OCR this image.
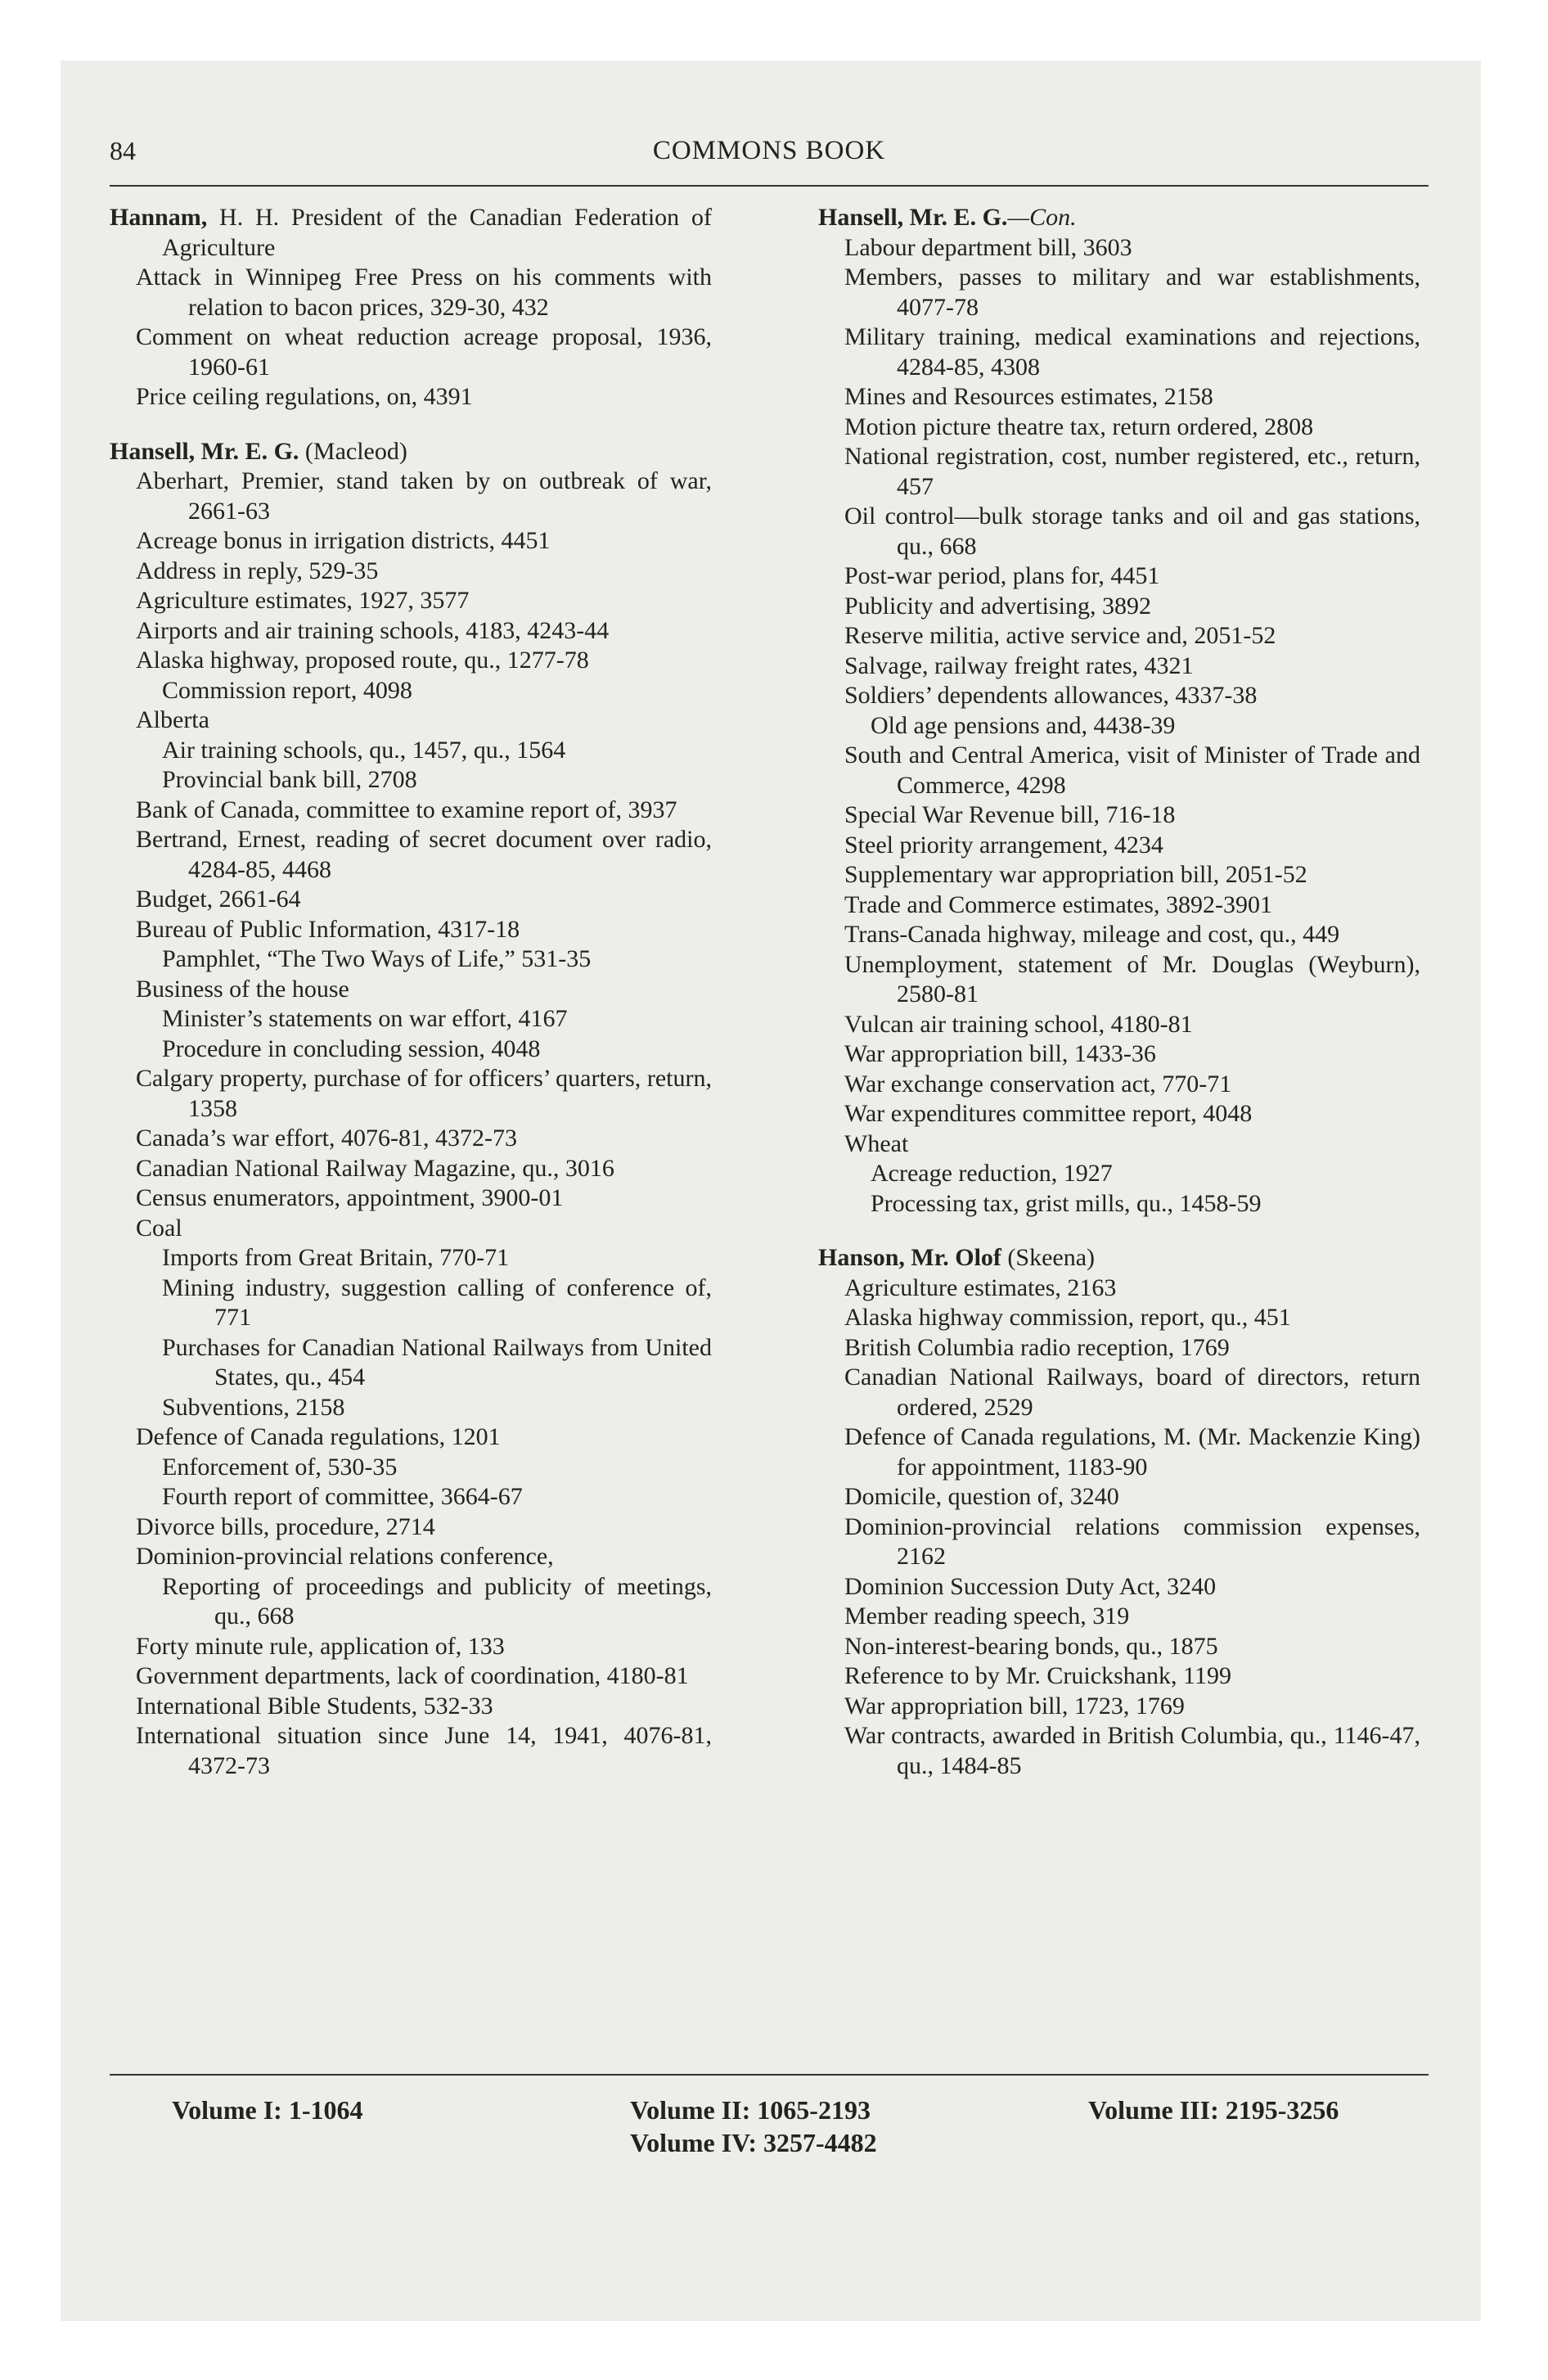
84	COMMONS BOOK
Hannam, H. H. President of the Canadian Federation of Agriculture
Attack in Winnipeg Free Press on his comments with relation to bacon prices, 329-30, 432
Comment on wheat reduction acreage proposal, 1936, 1960-61
Price ceiling regulations, on, 4391
Hansell, Mr. E. G. (Macleod)
Aberhart, Premier, stand taken by on outbreak of war, 2661-63
Acreage bonus in irrigation districts, 4451
Address in reply, 529-35
Agriculture estimates, 1927, 3577
Airports and air training schools, 4183, 4243-44
Alaska highway, proposed route, qu., 1277-78
Commission report, 4098
Alberta
Air training schools, qu., 1457, qu., 1564
Provincial bank bill, 2708
Bank of Canada, committee to examine report of, 3937
Bertrand, Ernest, reading of secret document over radio, 4284-85, 4468
Budget, 2661-64
Bureau of Public Information, 4317-18
Pamphlet, “The Two Ways of Life,” 531-35
Business of the house
Minister’s statements on war effort, 4167
Procedure in concluding session, 4048
Calgary property, purchase of for officers’ quarters, return, 1358
Canada’s war effort, 4076-81, 4372-73
Canadian National Railway Magazine, qu., 3016
Census enumerators, appointment, 3900-01
Coal
Imports from Great Britain, 770-71
Mining industry, suggestion calling of conference of, 771
Purchases for Canadian National Railways from United States, qu., 454
Subventions, 2158
Defence of Canada regulations, 1201
Enforcement of, 530-35
Fourth report of committee, 3664-67
Divorce bills, procedure, 2714
Dominion-provincial relations conference,
Reporting of proceedings and publicity of meetings, qu., 668
Forty minute rule, application of, 133
Government departments, lack of coordination, 4180-81
International Bible Students, 532-33
International situation since June 14, 1941, 4076-81, 4372-73
Hansell, Mr. E. G.—Con.
Labour department bill, 3603
Members, passes to military and war establishments, 4077-78
Military training, medical examinations and rejections, 4284-85, 4308
Mines and Resources estimates, 2158
Motion picture theatre tax, return ordered, 2808
National registration, cost, number registered, etc., return, 457
Oil control—bulk storage tanks and oil and gas stations, qu., 668
Post-war period, plans for, 4451
Publicity and advertising, 3892
Reserve militia, active service and, 2051-52
Salvage, railway freight rates, 4321
Soldiers’ dependents allowances, 4337-38
Old age pensions and, 4438-39
South and Central America, visit of Minister of Trade and Commerce, 4298
Special War Revenue bill, 716-18
Steel priority arrangement, 4234
Supplementary war appropriation bill, 2051-52
Trade and Commerce estimates, 3892-3901
Trans-Canada highway, mileage and cost, qu., 449
Unemployment, statement of Mr. Douglas (Weyburn), 2580-81
Vulcan air training school, 4180-81
War appropriation bill, 1433-36
War exchange conservation act, 770-71
War expenditures committee report, 4048
Wheat
Acreage reduction, 1927
Processing tax, grist mills, qu., 1458-59
Hanson, Mr. Olof (Skeena)
Agriculture estimates, 2163
Alaska highway commission, report, qu., 451
British Columbia radio reception, 1769
Canadian National Railways, board of directors, return ordered, 2529
Defence of Canada regulations, M. (Mr. Mackenzie King) for appointment, 1183-90
Domicile, question of, 3240
Dominion-provincial relations commission expenses, 2162
Dominion Succession Duty Act, 3240
Member reading speech, 319
Non-interest-bearing bonds, qu., 1875
Reference to by Mr. Cruickshank, 1199
War appropriation bill, 1723, 1769
War contracts, awarded in British Columbia, qu., 1146-47, qu., 1484-85
Volume I: 1-1064	Volume II: 1065-2193	Volume III: 2195-3256
Volume IV: 3257-4482
